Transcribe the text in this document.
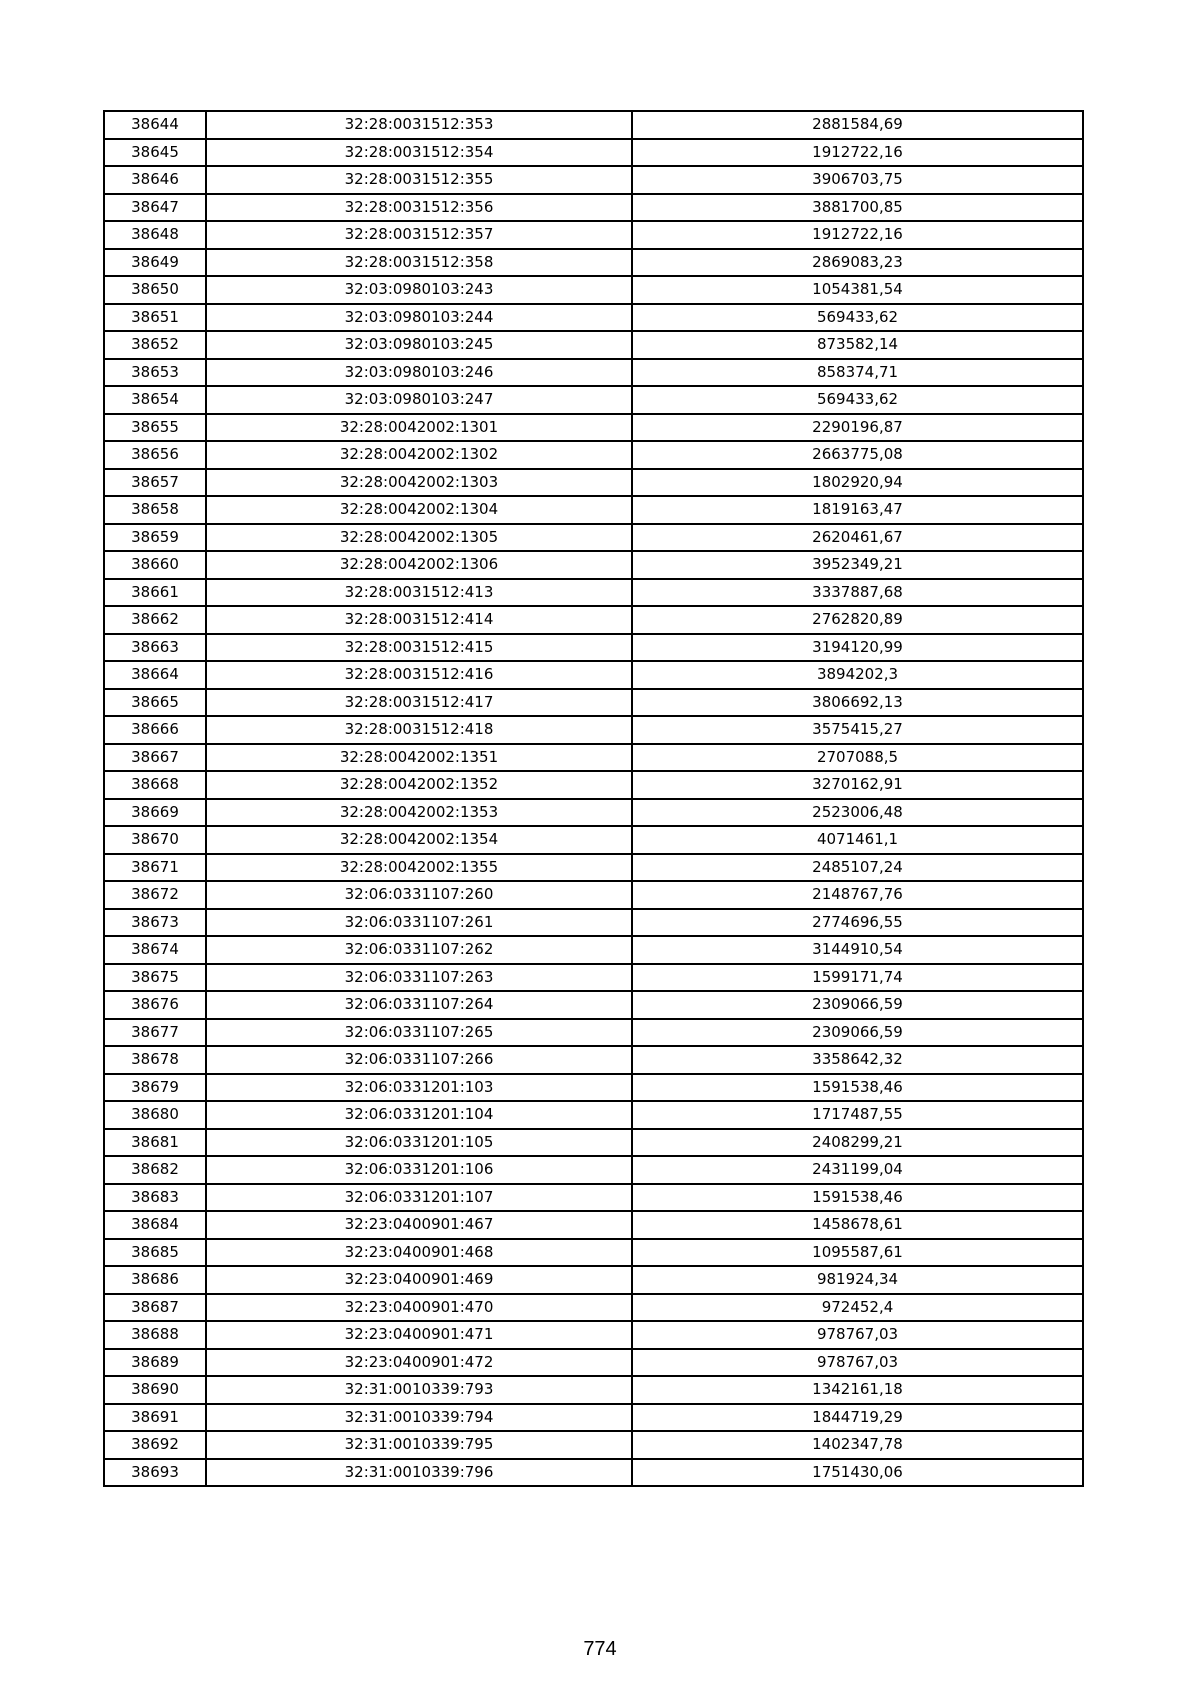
38644	32:28:0031512:353	2881584,69
38645	32:28:0031512:354	1912722,16
38646	32:28:0031512:355	3906703,75
38647	32:28:0031512:356	3881700,85
38648	32:28:0031512:357	1912722,16
38649	32:28:0031512:358	2869083,23
38650	32:03:0980103:243	1054381,54
38651	32:03:0980103:244	569433,62
38652	32:03:0980103:245	873582,14
38653	32:03:0980103:246	858374,71
38654	32:03:0980103:247	569433,62
38655	32:28:0042002:1301	2290196,87
38656	32:28:0042002:1302	2663775,08
38657	32:28:0042002:1303	1802920,94
38658	32:28:0042002:1304	1819163,47
38659	32:28:0042002:1305	2620461,67
38660	32:28:0042002:1306	3952349,21
38661	32:28:0031512:413	3337887,68
38662	32:28:0031512:414	2762820,89
38663	32:28:0031512:415	3194120,99
38664	32:28:0031512:416	3894202,3
38665	32:28:0031512:417	3806692,13
38666	32:28:0031512:418	3575415,27
38667	32:28:0042002:1351	2707088,5
38668	32:28:0042002:1352	3270162,91
38669	32:28:0042002:1353	2523006,48
38670	32:28:0042002:1354	4071461,1
38671	32:28:0042002:1355	2485107,24
38672	32:06:0331107:260	2148767,76
38673	32:06:0331107:261	2774696,55
38674	32:06:0331107:262	3144910,54
38675	32:06:0331107:263	1599171,74
38676	32:06:0331107:264	2309066,59
38677	32:06:0331107:265	2309066,59
38678	32:06:0331107:266	3358642,32
38679	32:06:0331201:103	1591538,46
38680	32:06:0331201:104	1717487,55
38681	32:06:0331201:105	2408299,21
38682	32:06:0331201:106	2431199,04
38683	32:06:0331201:107	1591538,46
38684	32:23:0400901:467	1458678,61
38685	32:23:0400901:468	1095587,61
38686	32:23:0400901:469	981924,34
38687	32:23:0400901:470	972452,4
38688	32:23:0400901:471	978767,03
38689	32:23:0400901:472	978767,03
38690	32:31:0010339:793	1342161,18
38691	32:31:0010339:794	1844719,29
38692	32:31:0010339:795	1402347,78
38693	32:31:0010339:796	1751430,06
774
